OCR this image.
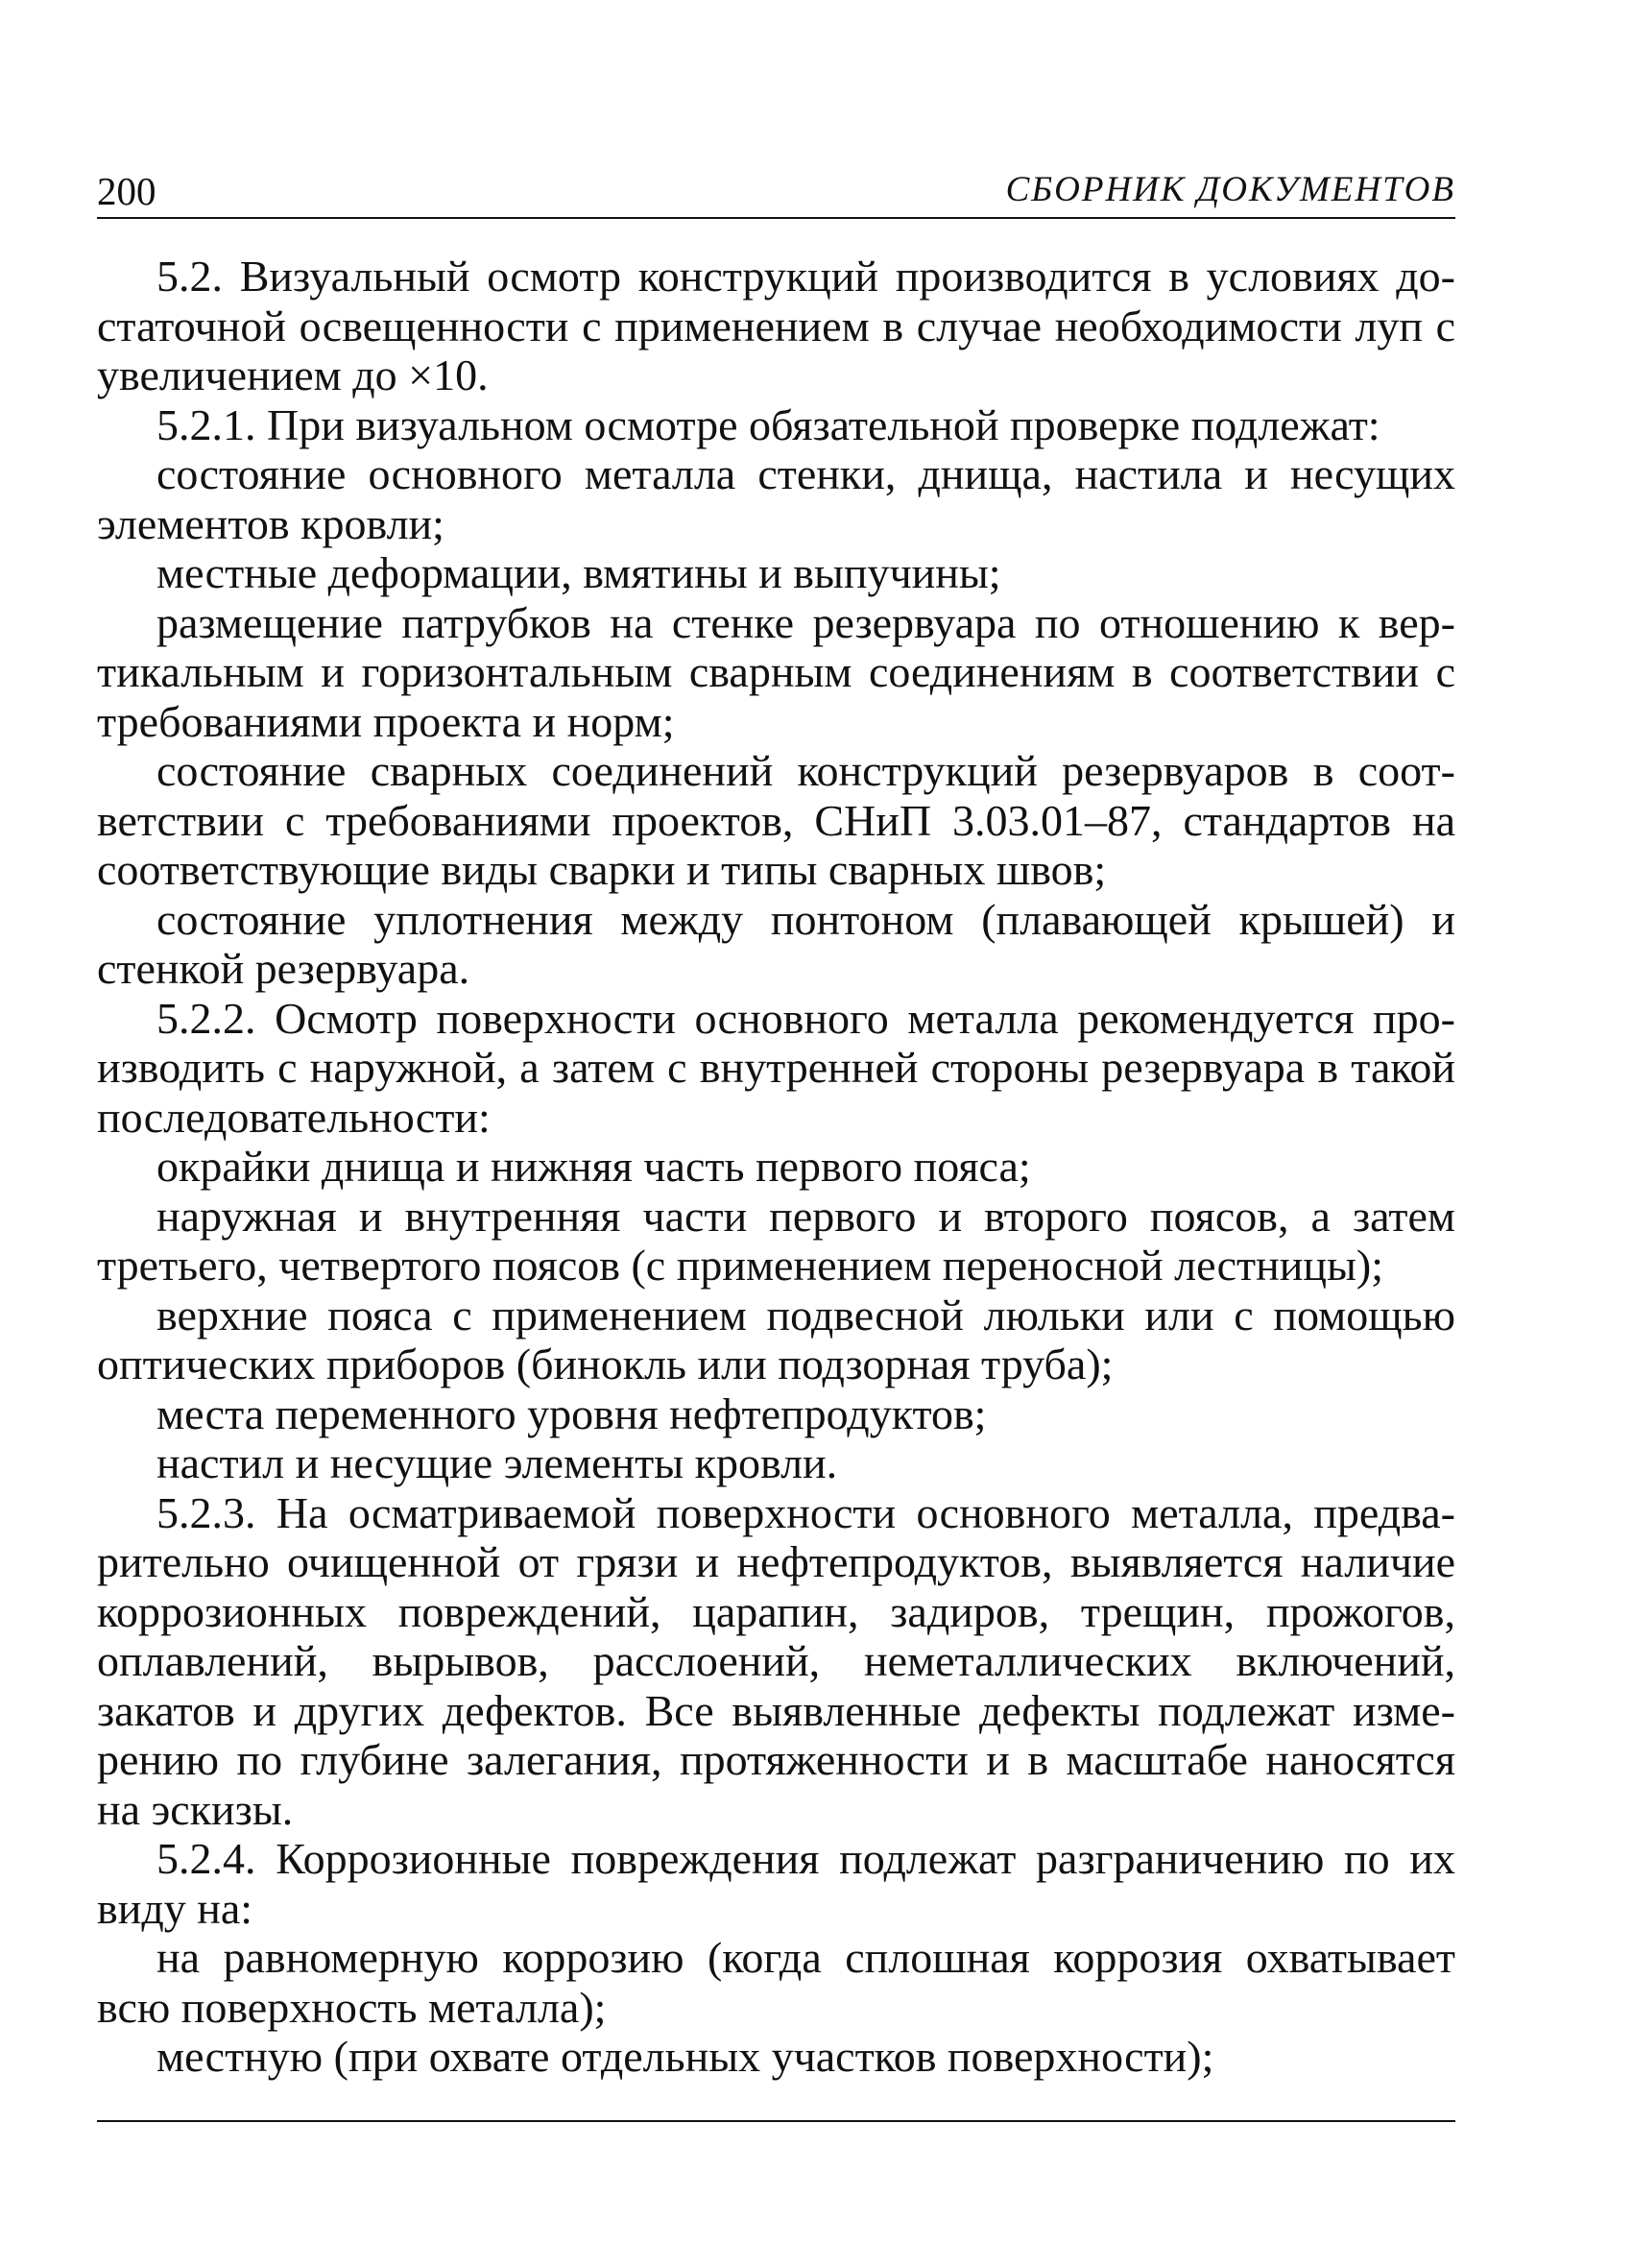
200	СБОРНИК ДОКУМЕНТОВ

5.2. Визуальный осмотр конструкций производится в условиях достаточной освещенности с применением в случае необходимости луп с увеличением до ×10.

5.2.1. При визуальном осмотре обязательной проверке подлежат:

состояние основного металла стенки, днища, настила и несущих элементов кровли;

местные деформации, вмятины и выпучины;

размещение патрубков на стенке резервуара по отношению к вертикальным и горизонтальным сварным соединениям в соответствии с требованиями проекта и норм;

состояние сварных соединений конструкций резервуаров в соответствии с требованиями проектов, СНиП 3.03.01–87, стандартов на соответствующие виды сварки и типы сварных швов;

состояние уплотнения между понтоном (плавающей крышей) и стенкой резервуара.

5.2.2. Осмотр поверхности основного металла рекомендуется производить с наружной, а затем с внутренней стороны резервуара в такой последовательности:

окрайки днища и нижняя часть первого пояса;

наружная и внутренняя части первого и второго поясов, а затем третьего, четвертого поясов (с применением переносной лестницы);

верхние пояса с применением подвесной люльки или с помощью оптических приборов (бинокль или подзорная труба);

места переменного уровня нефтепродуктов;

настил и несущие элементы кровли.

5.2.3. На осматриваемой поверхности основного металла, предварительно очищенной от грязи и нефтепродуктов, выявляется наличие коррозионных повреждений, царапин, задиров, трещин, прожогов, оплавлений, вырывов, расслоений, неметаллических включений, закатов и других дефектов. Все выявленные дефекты подлежат измерению по глубине залегания, протяженности и в масштабе наносятся на эскизы.

5.2.4. Коррозионные повреждения подлежат разграничению по их виду на:

на равномерную коррозию (когда сплошная коррозия охватывает всю поверхность металла);

местную (при охвате отдельных участков поверхности);
